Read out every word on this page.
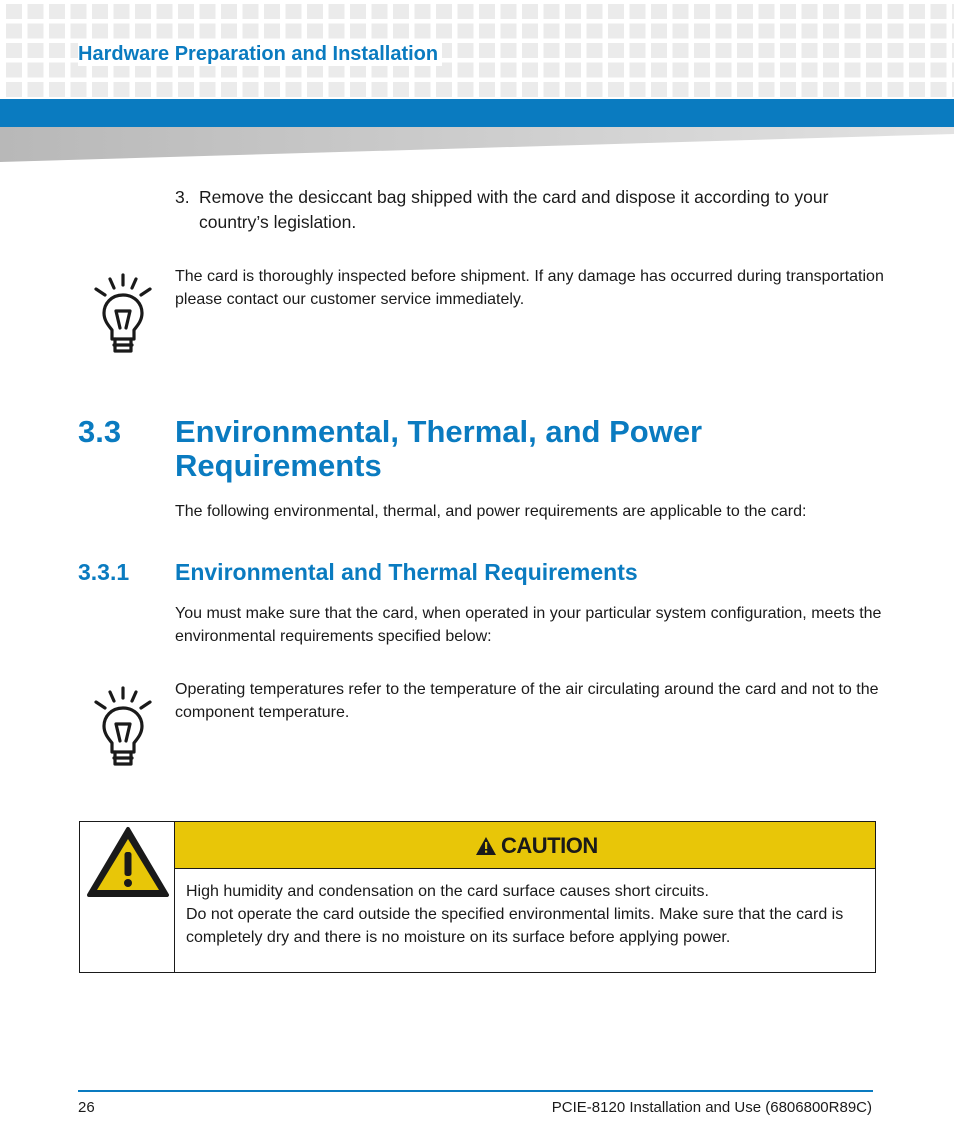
Hardware Preparation and Installation
3. Remove the desiccant bag shipped with the card and dispose it according to your country’s legislation.
The card is thoroughly inspected before shipment. If any damage has occurred during transportation please contact our customer service immediately.
3.3 Environmental, Thermal, and Power Requirements
The following environmental, thermal, and power requirements are applicable to the card:
3.3.1 Environmental and Thermal Requirements
You must make sure that the card, when operated in your particular system configuration, meets the environmental requirements specified below:
Operating temperatures refer to the temperature of the air circulating around the card and not to the component temperature.
CAUTION

High humidity and condensation on the card surface causes short circuits.

Do not operate the card outside the specified environmental limits. Make sure that the card is completely dry and there is no moisture on its surface before applying power.

26	PCIE-8120 Installation and Use (6806800R89C)
